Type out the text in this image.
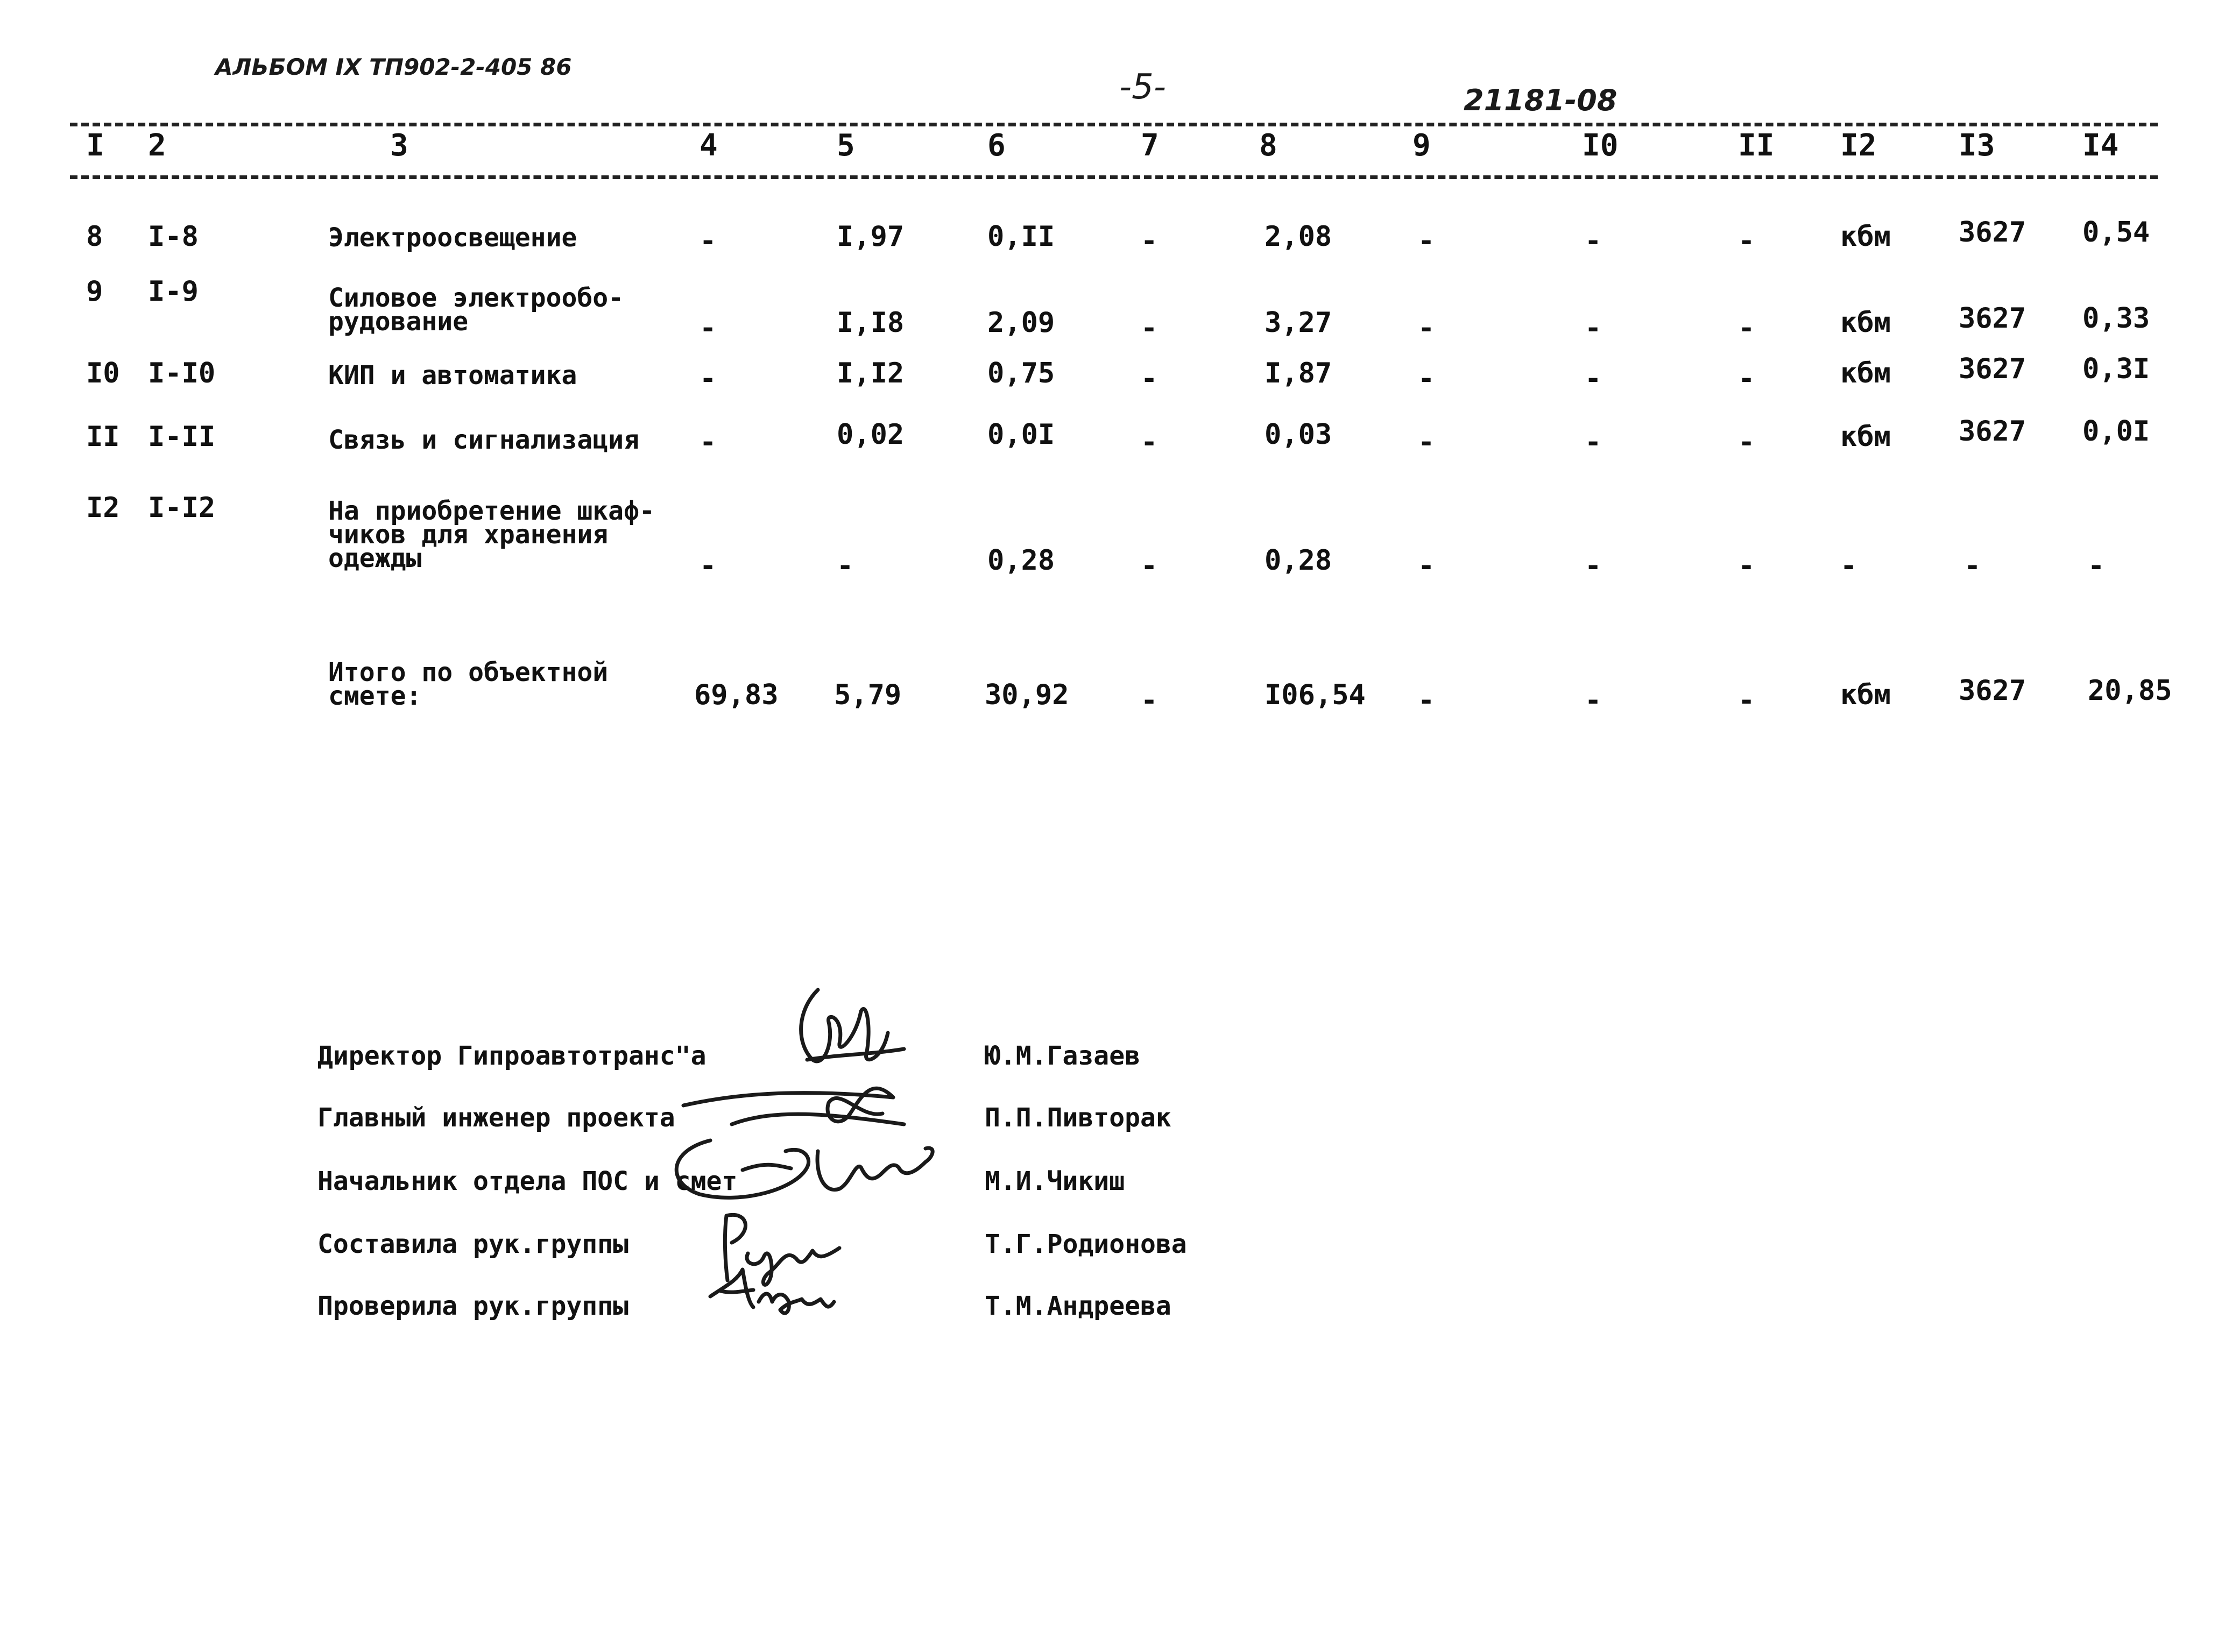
АЛЬБОМ IX ТП902-2-405 86
-5-	21181-08
I 2	3	4	5	6	7	8	9	I0	II I2	I3	I4
8 I-8	Электроосвещение	-	I,97	0,II	-	2,08	-	-	-	кбм 3627 0,54
9 I-9	Силовое электрообо-
рудование	-	I,I8	2,09	-	3,27	-	-	-	кбм 3627 0,33
I0 I-I0	КИП и автоматика	-	I,I2	0,75	-	I,87	-	-	-	кбм 3627 0,3I
II I-II	Связь и сигнализация -	0,02	0,0I	-	0,03	-	-	-	кбм 3627 0,0I
I2 I-I2	На приобретение шкаф-
чиков для хранения
одежды	-	-	0,28	-	0,28	-	-	-	-	-	-
Итого по объектной
смете:	69,83 5,79	30,92	-	I06,54 -	-	-	кбм 3627 20,85
Директор Гипроавтотранс"а	Ю.М.Газаев
Главный инженер проекта	П.П.Пивторак
Начальник отдела ПОС и смет	М.И.Чикиш
Составила рук.группы	Т.Г.Родионова
Проверила рук.группы	Т.М.Андреева
